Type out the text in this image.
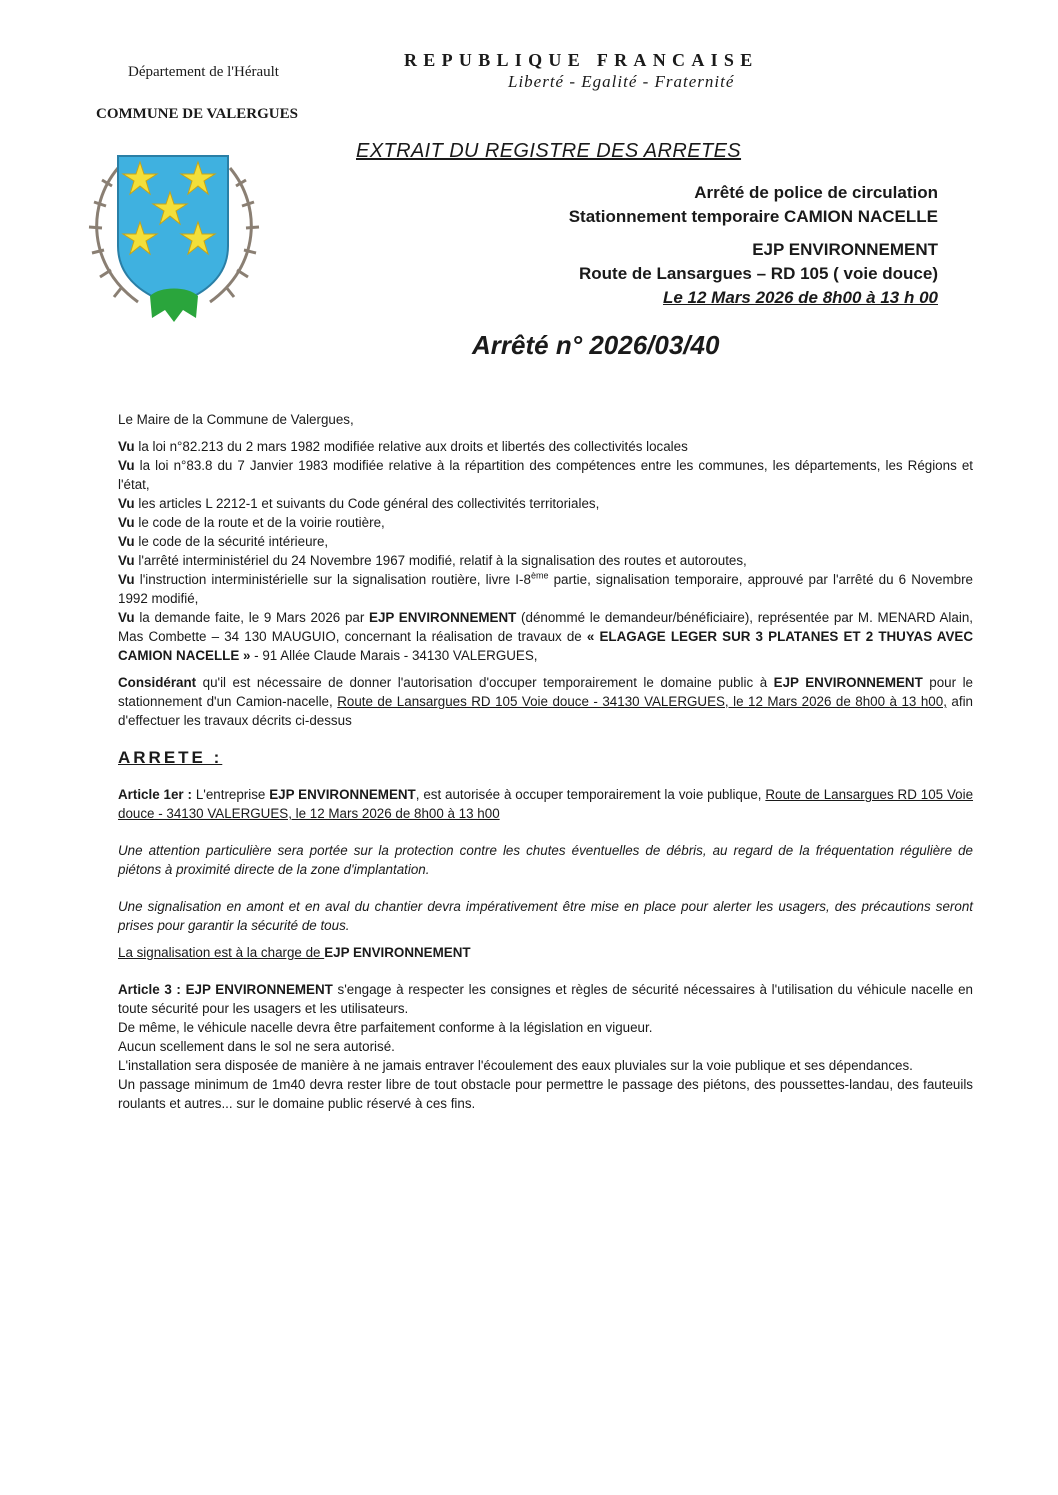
Département de l'Hérault
COMMUNE DE VALERGUES
REPUBLIQUE FRANCAISE
Liberté - Egalité - Fraternité
EXTRAIT DU REGISTRE DES ARRETES
Arrêté de police de circulation
Stationnement temporaire CAMION NACELLE
EJP ENVIRONNEMENT
Route de Lansargues – RD 105 ( voie douce)
Le 12 Mars 2026 de 8h00 à 13 h 00
Arrêté n° 2026/03/40

Le Maire de la Commune de Valergues,

Vu la loi n°82.213 du 2 mars 1982 modifiée relative aux droits et libertés des collectivités locales

Vu la loi n°83.8 du 7 Janvier 1983 modifiée relative à la répartition des compétences entre les communes, les départements, les Régions et l'état,

Vu les articles L 2212-1 et suivants du Code général des collectivités territoriales,

Vu le code de la route et de la voirie routière,

Vu le code de la sécurité intérieure,

Vu l'arrêté interministériel du 24 Novembre 1967 modifié, relatif à la signalisation des routes et autoroutes,

Vu l'instruction interministérielle sur la signalisation routière, livre I-8ème partie, signalisation temporaire, approuvé par l'arrêté du 6 Novembre 1992 modifié,

Vu la demande faite, le 9 Mars 2026 par EJP ENVIRONNEMENT (dénommé le demandeur/bénéficiaire), représentée par M. MENARD Alain, Mas Combette – 34 130 MAUGUIO, concernant la réalisation de travaux de « ELAGAGE LEGER SUR 3 PLATANES ET 2 THUYAS AVEC CAMION NACELLE » - 91 Allée Claude Marais - 34130 VALERGUES,

Considérant qu'il est nécessaire de donner l'autorisation d'occuper temporairement le domaine public à EJP ENVIRONNEMENT pour le stationnement d'un Camion-nacelle, Route de Lansargues RD 105 Voie douce - 34130 VALERGUES, le 12 Mars 2026 de 8h00 à 13 h00, afin d'effectuer les travaux décrits ci-dessus

ARRETE :

Article 1er : L'entreprise EJP ENVIRONNEMENT, est autorisée à occuper temporairement la voie publique, Route de Lansargues RD 105 Voie douce - 34130 VALERGUES, le 12 Mars 2026 de 8h00 à 13 h00

Une attention particulière sera portée sur la protection contre les chutes éventuelles de débris, au regard de la fréquentation régulière de piétons à proximité directe de la zone d'implantation.

Une signalisation en amont et en aval du chantier devra impérativement être mise en place pour alerter les usagers, des précautions seront prises pour garantir la sécurité de tous.

La signalisation est à la charge de EJP ENVIRONNEMENT

Article 3 : EJP ENVIRONNEMENT s'engage à respecter les consignes et règles de sécurité nécessaires à l'utilisation du véhicule nacelle en toute sécurité pour les usagers et les utilisateurs.

De même, le véhicule nacelle devra être parfaitement conforme à la législation en vigueur.

Aucun scellement dans le sol ne sera autorisé.

L'installation sera disposée de manière à ne jamais entraver l'écoulement des eaux pluviales sur la voie publique et ses dépendances.

Un passage minimum de 1m40 devra rester libre de tout obstacle pour permettre le passage des piétons, des poussettes-landau, des fauteuils roulants et autres... sur le domaine public réservé à ces fins.
